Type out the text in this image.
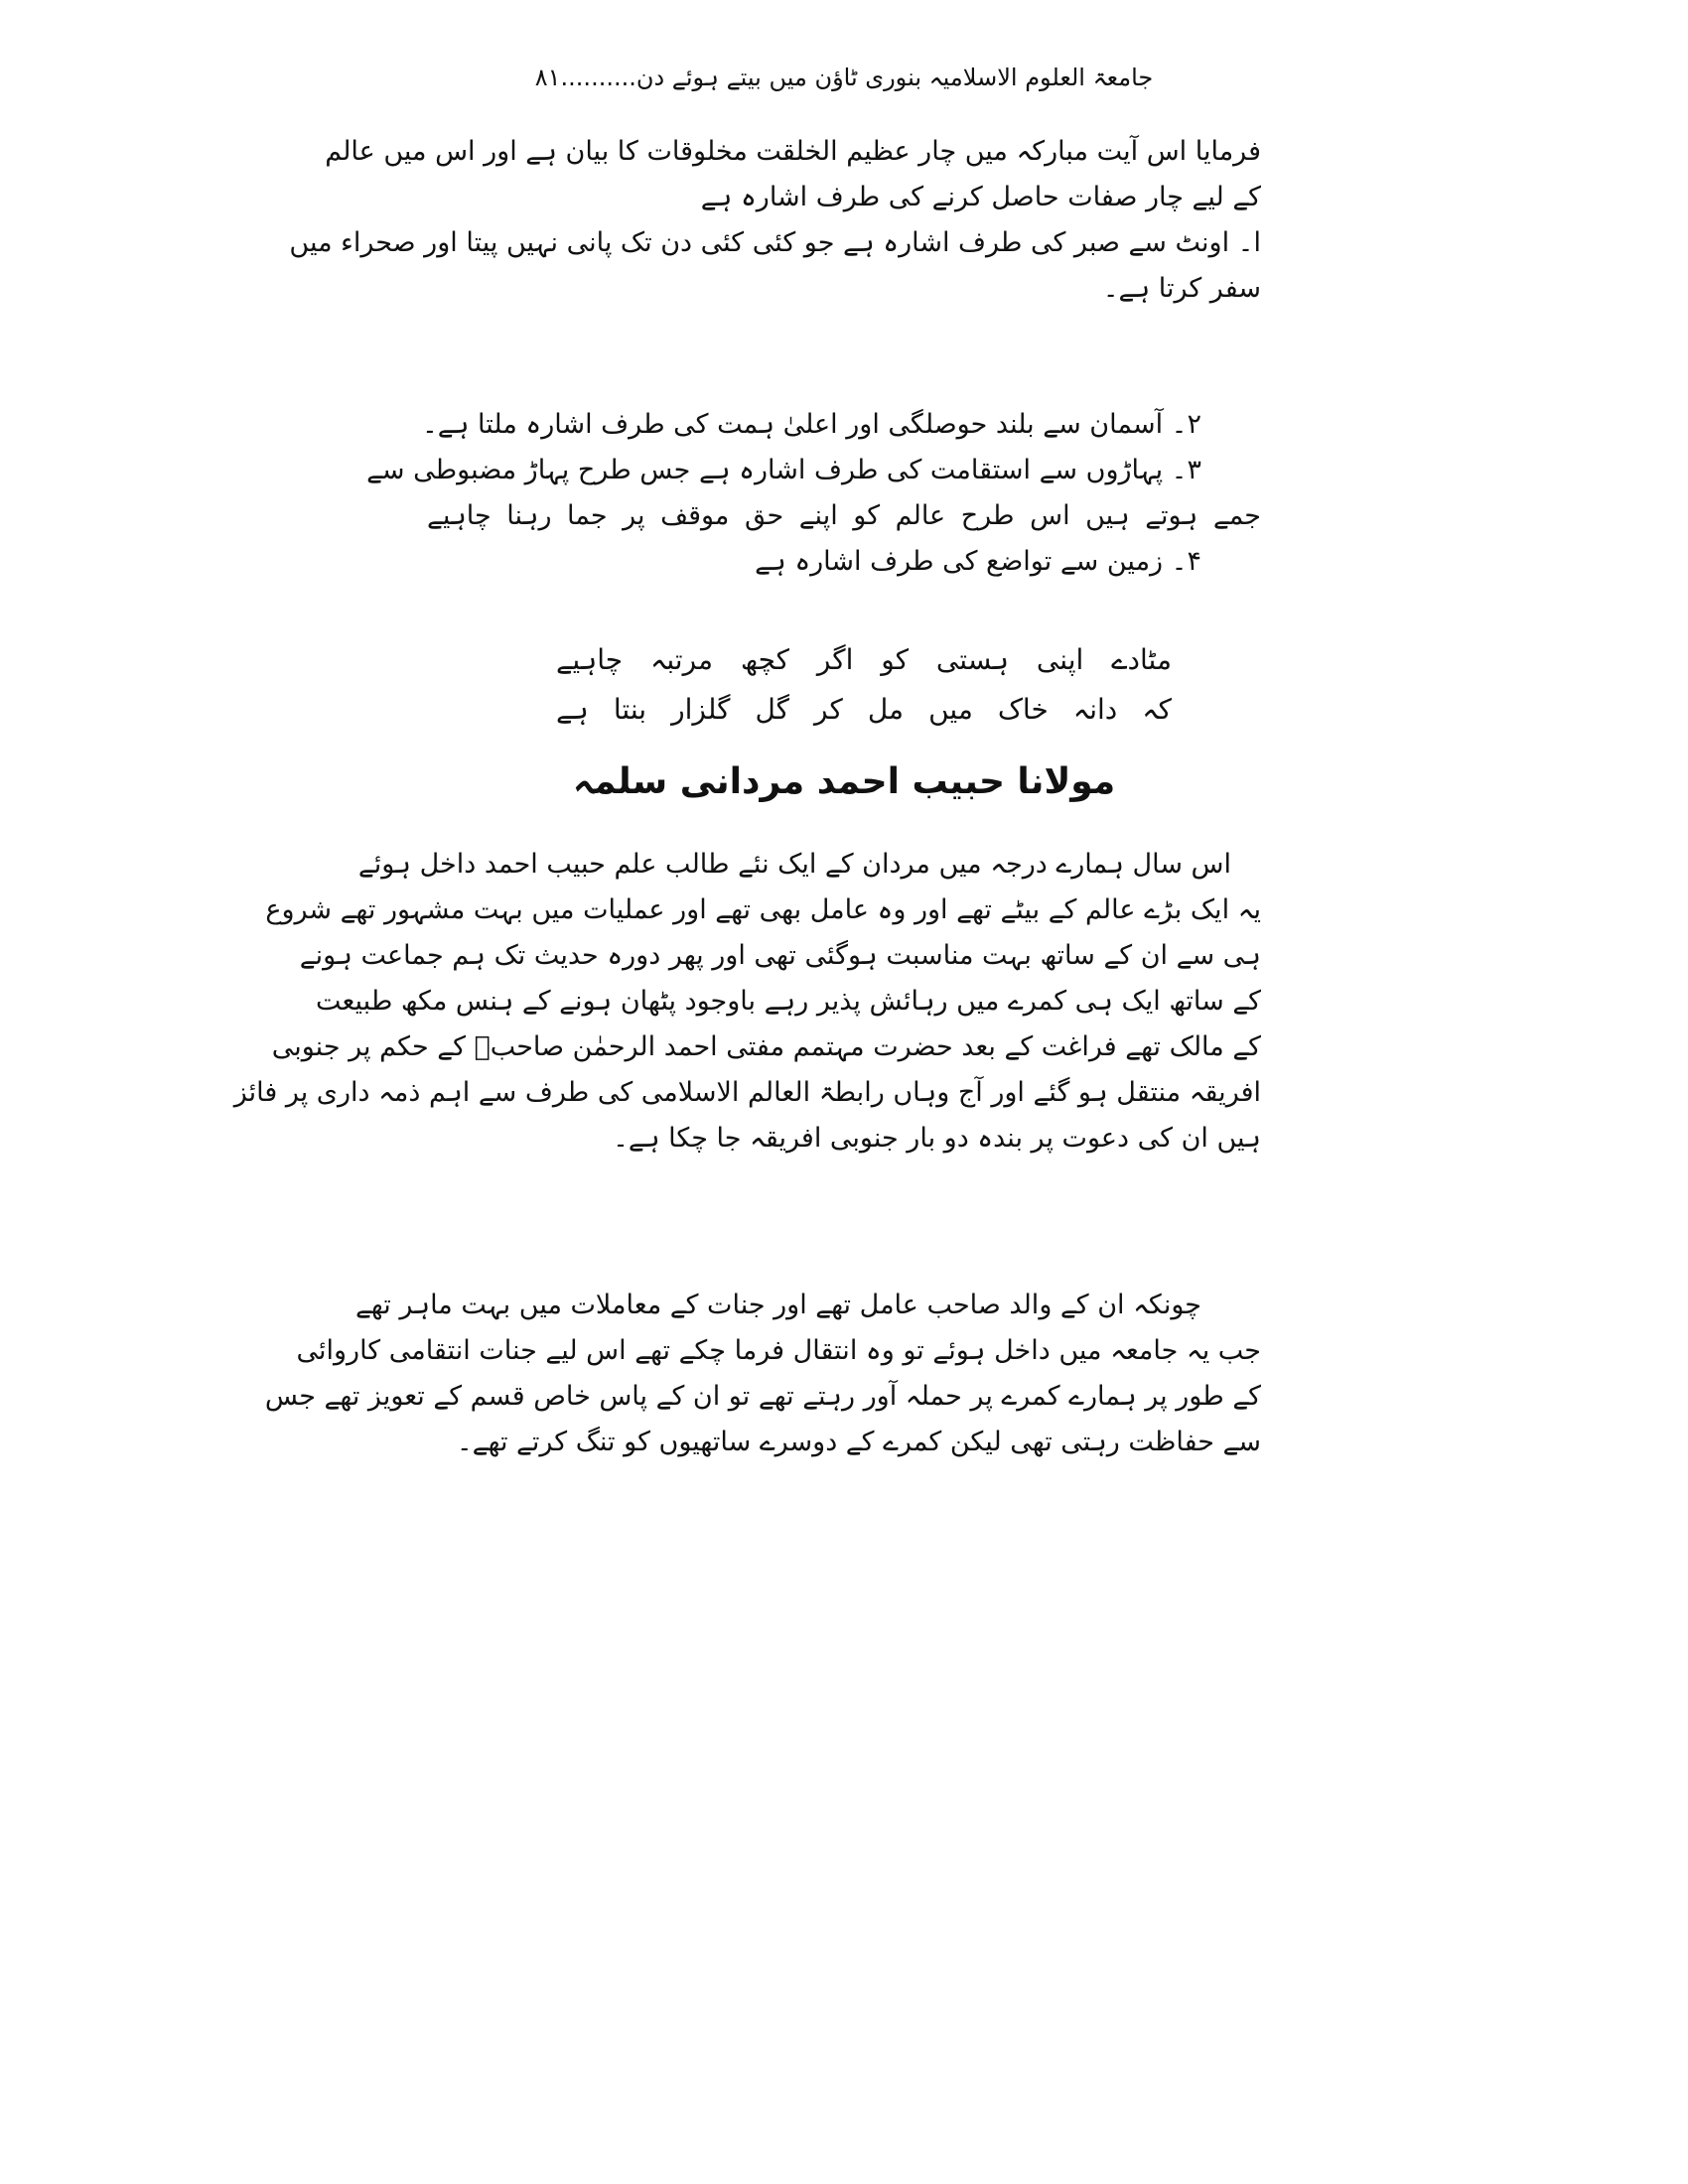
جامعۃ العلوم الاسلامیہ بنوری ٹاؤن میں بیتے ہوئے دن..........۸۱
فرمایا اس آیت مبارکہ میں چار عظیم الخلقت مخلوقات کا بیان ہے اور اس میں عالم
کے لیے چار صفات حاصل کرنے کی طرف اشارہ ہے
ا۔ اونٹ سے صبر کی طرف اشارہ ہے جو کئی کئی دن تک پانی نہیں پیتا اور صحراء میں
سفر کرتا ہے۔
۲۔ آسمان سے بلند حوصلگی اور اعلیٰ ہمت کی طرف اشارہ ملتا ہے۔
۳۔ پہاڑوں سے استقامت کی طرف اشارہ ہے جس طرح پہاڑ مضبوطی سے
جمے ہوتے ہیں اس طرح عالم کو اپنے حق موقف پر جما رہنا چاہیے
۴۔ زمین سے تواضع کی طرف اشارہ ہے
مٹادے اپنی ہستی کو اگر کچھ مرتبہ چاہیے
کہ دانہ خاک میں مل کر گل گلزار بنتا ہے
مولانا حبیب احمد مردانی سلمہ
اس سال ہمارے درجہ میں مردان کے ایک نئے طالب علم حبیب احمد داخل ہوئے
یہ ایک بڑے عالم کے بیٹے تھے اور وہ عامل بھی تھے اور عملیات میں بہت مشہور تھے شروع
ہی سے ان کے ساتھ بہت مناسبت ہوگئی تھی اور پھر دورہ حدیث تک ہم جماعت ہونے
کے ساتھ ایک ہی کمرے میں رہائش پذیر رہے باوجود پٹھان ہونے کے ہنس مکھ طبیعت
کے مالک تھے فراغت کے بعد حضرت مہتمم مفتی احمد الرحمٰن صاحبؒ کے حکم پر جنوبی
افریقہ منتقل ہو گئے اور آج وہاں رابطۃ العالم الاسلامی کی طرف سے اہم ذمہ داری پر فائز
ہیں ان کی دعوت پر بندہ دو بار جنوبی افریقہ جا چکا ہے۔
چونکہ ان کے والد صاحب عامل تھے اور جنات کے معاملات میں بہت ماہر تھے
جب یہ جامعہ میں داخل ہوئے تو وہ انتقال فرما چکے تھے اس لیے جنات انتقامی کاروائی
کے طور پر ہمارے کمرے پر حملہ آور رہتے تھے تو ان کے پاس خاص قسم کے تعویز تھے جس
سے حفاظت رہتی تھی لیکن کمرے کے دوسرے ساتھیوں کو تنگ کرتے تھے۔
